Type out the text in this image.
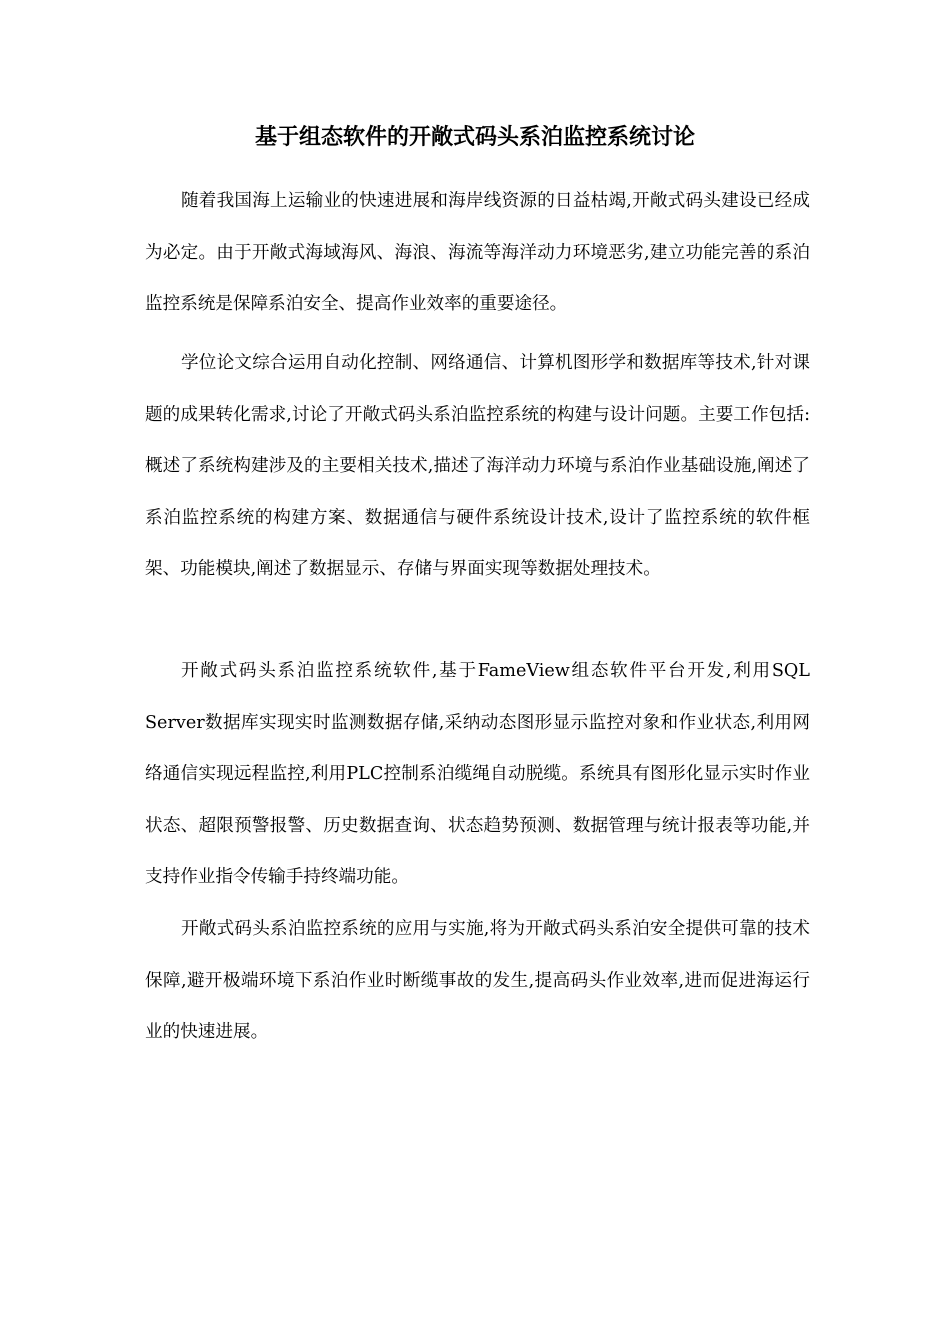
基于组态软件的开敞式码头系泊监控系统讨论

随着我国海上运输业的快速进展和海岸线资源的日益枯竭,开敞式码头建设已经成为必定。由于开敞式海域海风、海浪、海流等海洋动力环境恶劣,建立功能完善的系泊监控系统是保障系泊安全、提高作业效率的重要途径。

学位论文综合运用自动化控制、网络通信、计算机图形学和数据库等技术,针对课题的成果转化需求,讨论了开敞式码头系泊监控系统的构建与设计问题。主要工作包括:概述了系统构建涉及的主要相关技术,描述了海洋动力环境与系泊作业基础设施,阐述了系泊监控系统的构建方案、数据通信与硬件系统设计技术,设计了监控系统的软件框架、功能模块,阐述了数据显示、存储与界面实现等数据处理技术。

开敞式码头系泊监控系统软件,基于FameView组态软件平台开发,利用SQL Server数据库实现实时监测数据存储,采纳动态图形显示监控对象和作业状态,利用网络通信实现远程监控,利用PLC控制系泊缆绳自动脱缆。系统具有图形化显示实时作业状态、超限预警报警、历史数据查询、状态趋势预测、数据管理与统计报表等功能,并支持作业指令传输手持终端功能。

开敞式码头系泊监控系统的应用与实施,将为开敞式码头系泊安全提供可靠的技术保障,避开极端环境下系泊作业时断缆事故的发生,提高码头作业效率,进而促进海运行业的快速进展。
